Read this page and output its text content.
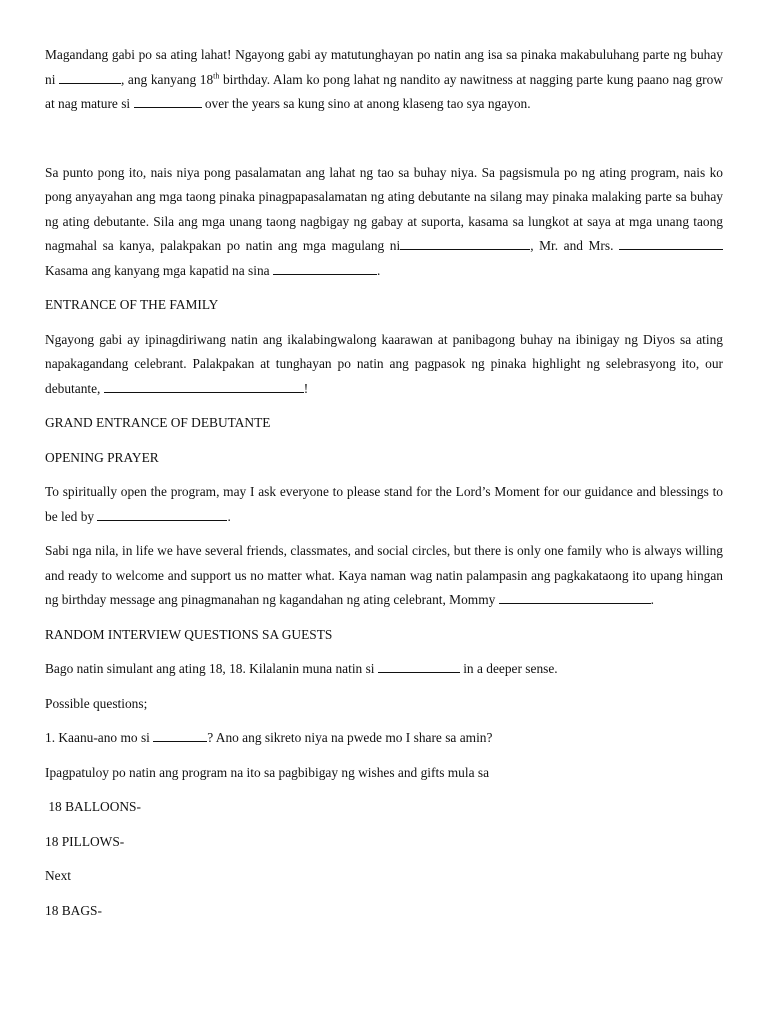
Magandang gabi po sa ating lahat! Ngayong gabi ay matutunghayan po natin ang isa sa pinaka makabuluhang parte ng buhay ni	, ang kanyang 18th birthday. Alam ko pong lahat ng nandito ay nawitness at nagging parte kung paano nag grow at nag mature si	over the years sa kung sino at anong klaseng tao sya ngayon.

Sa punto pong ito, nais niya pong pasalamatan ang lahat ng tao sa buhay niya. Sa pagsismula po ng ating program, nais ko pong anyayahan ang mga taong pinaka pinagpapasalamatan ng ating debutante na silang may pinaka malaking parte sa buhay ng ating debutante. Sila ang mga unang taong nagbigay ng gabay at suporta, kasama sa lungkot at saya at mga unang taong nagmahal sa kanya, palakpakan po natin ang mga magulang ni	, Mr. and Mrs.  Kasama ang kanyang mga kapatid na sina	.

ENTRANCE OF THE FAMILY

Ngayong gabi ay ipinagdiriwang natin ang ikalabingwalong kaarawan at panibagong buhay na ibinigay ng Diyos sa ating napakagandang celebrant. Palakpakan at tunghayan po natin ang pagpasok ng pinaka highlight ng selebrasyong ito, our debutante,	!

GRAND ENTRANCE OF DEBUTANTE

OPENING PRAYER

To spiritually open the program, may I ask everyone to please stand for the Lord’s Moment for our guidance and blessings to be led by	.

Sabi nga nila, in life we have several friends, classmates, and social circles, but there is only one family who is always willing and ready to welcome and support us no matter what. Kaya naman wag natin palampasin ang pagkakataong ito upang hingan ng birthday message ang pinagmanahan ng kagandahan ng ating celebrant, Mommy	.

RANDOM INTERVIEW QUESTIONS SA GUESTS

Bago natin simulant ang ating 18, 18. Kilalanin muna natin si	in a deeper sense.

Possible questions;

1. Kaanu-ano mo si	? Ano ang sikreto niya na pwede mo I share sa amin?

Ipagpatuloy po natin ang program na ito sa pagbibigay ng wishes and gifts mula sa

18 BALLOONS-

18 PILLOWS-

Next

18 BAGS-
